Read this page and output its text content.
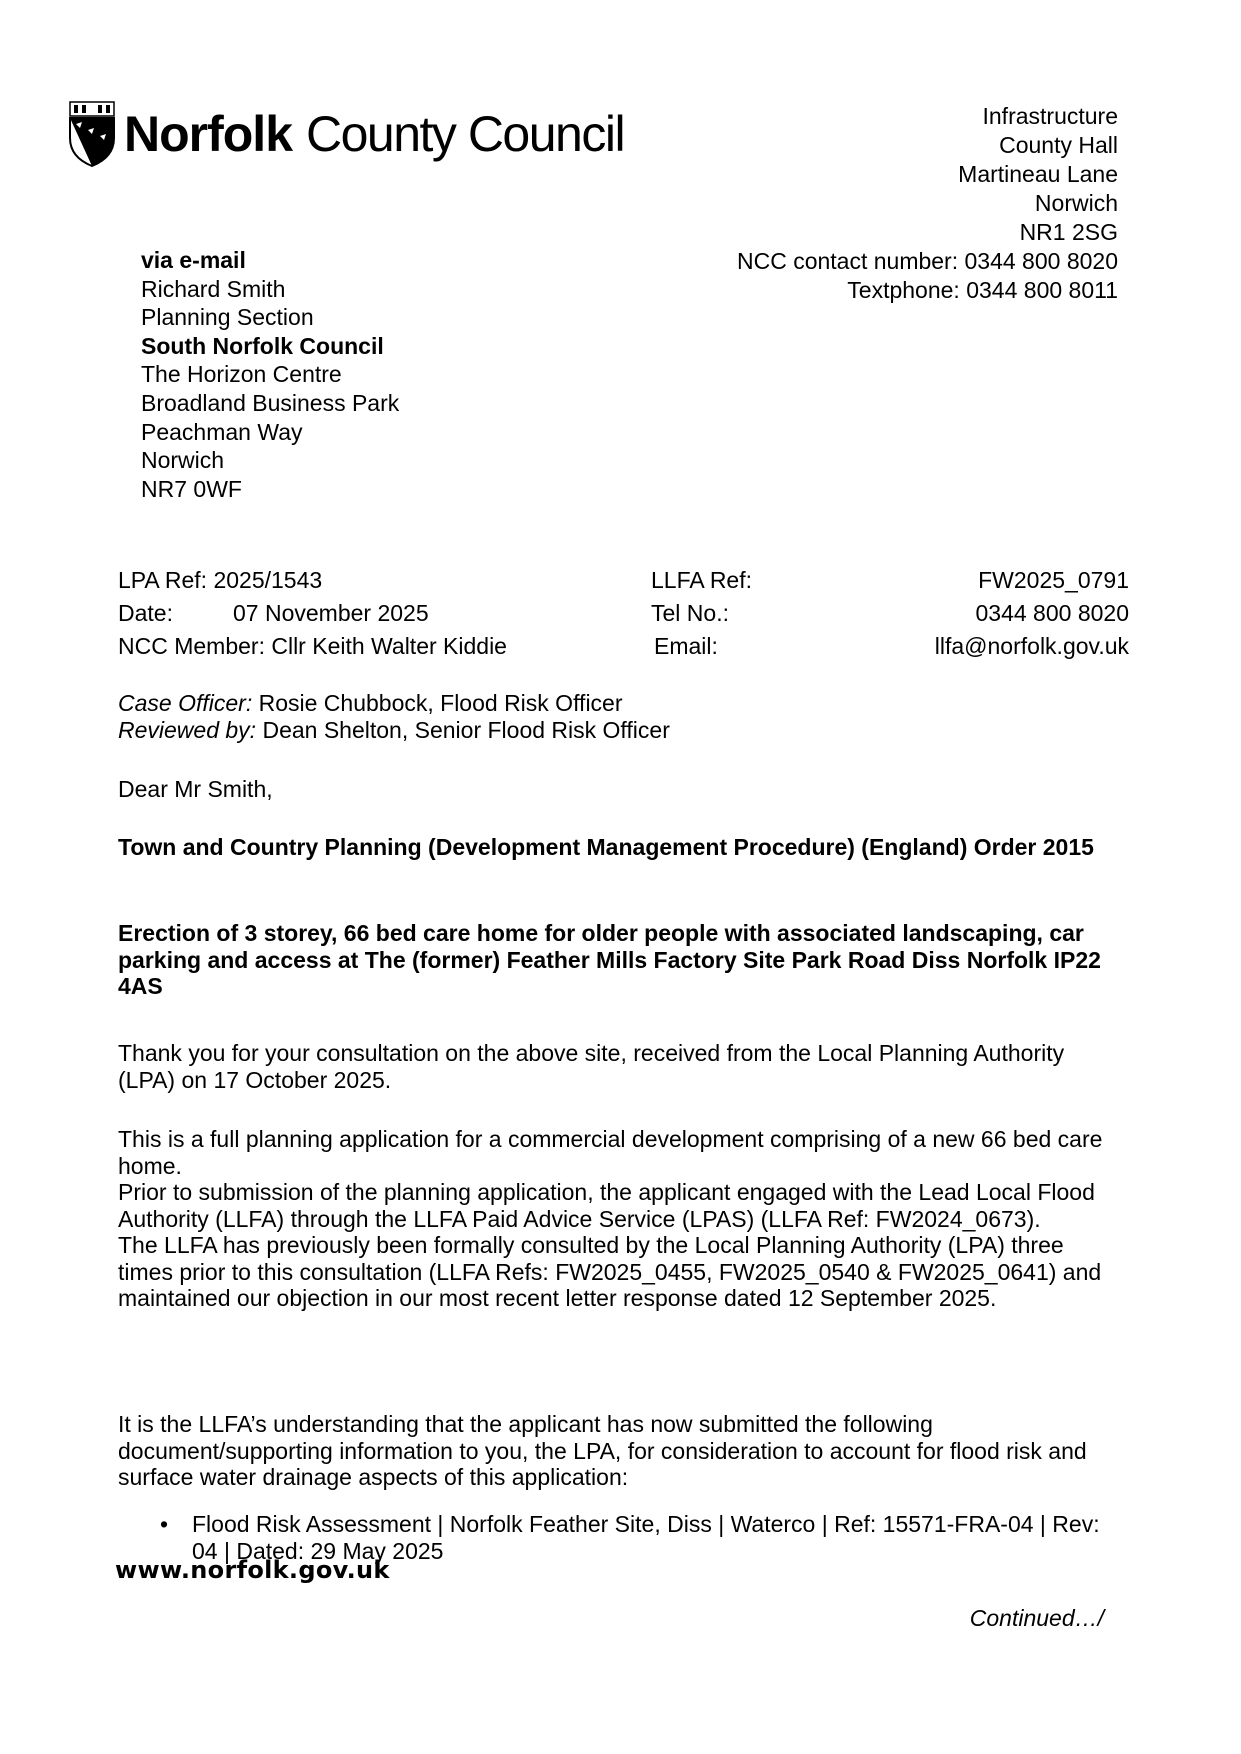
Norfolk County Council	Infrastructure
County Hall
Martineau Lane
Norwich
NR1 2SG
NCC contact number: 0344 800 8020
Textphone: 0344 800 8011
via e-mail
Richard Smith
Planning Section
South Norfolk Council
The Horizon Centre
Broadland Business Park
Peachman Way
Norwich
NR7 0WF
LPA Ref: 2025/1543	LLFA Ref:	FW2025_0791
Date:	07 November 2025	Tel No.:	0344 800 8020
NCC Member: Cllr Keith Walter Kiddie	Email:	llfa@norfolk.gov.uk
Case Officer: Rosie Chubbock, Flood Risk Officer
Reviewed by: Dean Shelton, Senior Flood Risk Officer
Dear Mr Smith,
Town and Country Planning (Development Management Procedure) (England) Order 2015
Erection of 3 storey, 66 bed care home for older people with associated landscaping, car parking and access at The (former) Feather Mills Factory Site Park Road Diss Norfolk IP22 4AS
Thank you for your consultation on the above site, received from the Local Planning Authority (LPA) on 17 October 2025.
This is a full planning application for a commercial development comprising of a new 66 bed care home.
Prior to submission of the planning application, the applicant engaged with the Lead Local Flood Authority (LLFA) through the LLFA Paid Advice Service (LPAS) (LLFA Ref: FW2024_0673).
The LLFA has previously been formally consulted by the Local Planning Authority (LPA) three times prior to this consultation (LLFA Refs: FW2025_0455, FW2025_0540 & FW2025_0641) and maintained our objection in our most recent letter response dated 12 September 2025.
It is the LLFA’s understanding that the applicant has now submitted the following document/supporting information to you, the LPA, for consideration to account for flood risk and surface water drainage aspects of this application:
• Flood Risk Assessment | Norfolk Feather Site, Diss | Waterco | Ref: 15571-FRA-04 | Rev: 04 | Dated: 29 May 2025
www.norfolk.gov.uk
Continued…/
